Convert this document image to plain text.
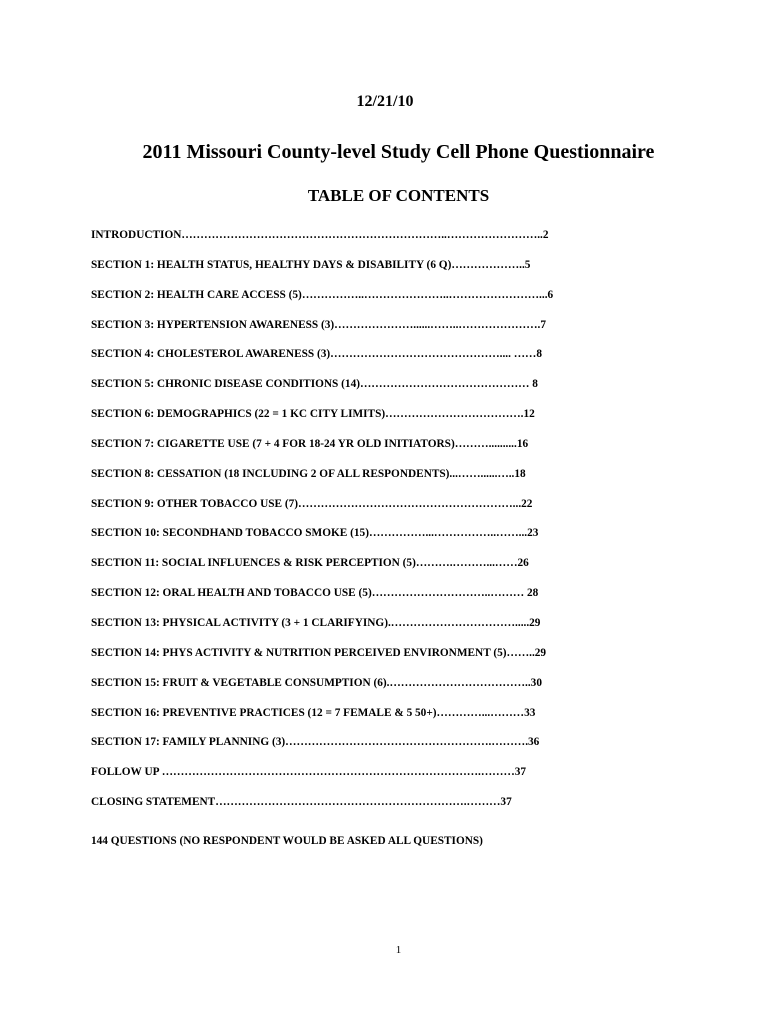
12/21/10
2011 Missouri County-level Study Cell Phone Questionnaire
TABLE OF CONTENTS
INTRODUCTION……………………………………………………………..……………………..2
SECTION 1: HEALTH STATUS, HEALTHY DAYS & DISABILITY (6 Q)………………..5
SECTION 2: HEALTH CARE ACCESS (5)……………..…………………..……………………...6
SECTION 3: HYPERTENSION AWARENESS (3)…………………......……..………………….7
SECTION 4: CHOLESTEROL AWARENESS (3)……………………………………….... ……8
SECTION 5: CHRONIC DISEASE CONDITIONS (14)……………………………………… 8
SECTION 6: DEMOGRAPHICS (22 = 1 KC CITY LIMITS)……………………………….12
SECTION 7: CIGARETTE USE (7 + 4 FOR 18-24 YR OLD INITIATORS)………..........16
SECTION 8: CESSATION (18 INCLUDING 2 OF ALL RESPONDENTS)...……......…..18
SECTION 9: OTHER TOBACCO USE (7)…………………………………………………...22
SECTION 10: SECONDHAND TOBACCO SMOKE (15)……………...……………..……...23
SECTION 11: SOCIAL INFLUENCES & RISK PERCEPTION (5)……….………...……26
SECTION 12: ORAL HEALTH AND TOBACCO USE (5)…………………………..……… 28
SECTION 13: PHYSICAL ACTIVITY (3 + 1 CLARIFYING).…………………………….....29
SECTION 14: PHYS ACTIVITY & NUTRITION PERCEIVED ENVIRONMENT (5)……..29
SECTION 15: FRUIT & VEGETABLE CONSUMPTION (6).………………………………..30
SECTION 16: PREVENTIVE PRACTICES (12 = 7 FEMALE & 5 50+)…………...………33
SECTION 17: FAMILY PLANNING (3)……………………………………………….……….36
FOLLOW UP ………………………………………………………………………….………37
CLOSING STATEMENT………………………………………………………….………37
144 QUESTIONS (NO RESPONDENT WOULD BE ASKED ALL QUESTIONS)
1
